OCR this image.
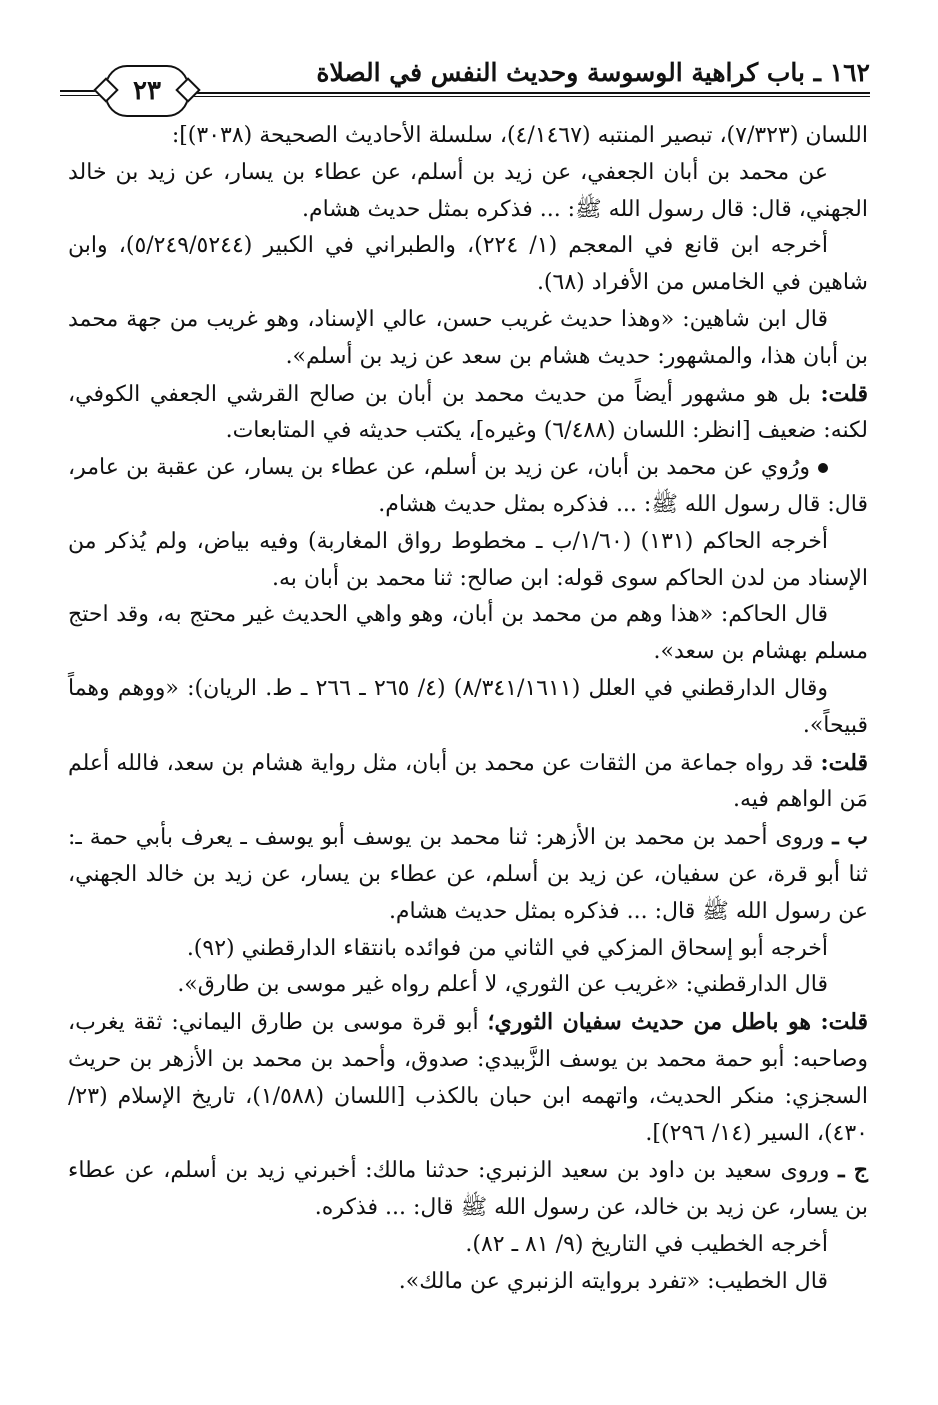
١٦٢ ـ باب كراهية الوسوسة وحديث النفس في الصلاة
٢٣

اللسان (٧/٣٢٣)، تبصير المنتبه (٤/١٤٦٧)، سلسلة الأحاديث الصحيحة (٣٠٣٨)]:

عن محمد بن أبان الجعفي، عن زيد بن أسلم، عن عطاء بن يسار، عن زيد بن خالد الجهني، قال: قال رسول الله ﷺ: ... فذكره بمثل حديث هشام.

أخرجه ابن قانع في المعجم (١/ ٢٢٤)، والطبراني في الكبير (٥/٢٤٩/٥٢٤٤)، وابن شاهين في الخامس من الأفراد (٦٨).

قال ابن شاهين: «وهذا حديث غريب حسن، عالي الإسناد، وهو غريب من جهة محمد بن أبان هذا، والمشهور: حديث هشام بن سعد عن زيد بن أسلم».

قلت: بل هو مشهور أيضاً من حديث محمد بن أبان بن صالح القرشي الجعفي الكوفي، لكنه: ضعيف [انظر: اللسان (٦/٤٨٨) وغيره]، يكتب حديثه في المتابعات.

ورُوي عن محمد بن أبان، عن زيد بن أسلم، عن عطاء بن يسار، عن عقبة بن عامر، قال: قال رسول الله ﷺ: ... فذكره بمثل حديث هشام.

أخرجه الحاكم (١٣١) (١/٦٠/ب ـ مخطوط رواق المغاربة) وفيه بياض، ولم يُذكر من الإسناد من لدن الحاكم سوى قوله: ابن صالح: ثنا محمد بن أبان به.

قال الحاكم: «هذا وهم من محمد بن أبان، وهو واهي الحديث غير محتج به، وقد احتج مسلم بهشام بن سعد».

وقال الدارقطني في العلل (٨/٣٤١/١٦١١) (٤/ ٢٦٥ ـ ٢٦٦ ـ ط. الريان): «ووهم وهماً قبيحاً».

قلت: قد رواه جماعة من الثقات عن محمد بن أبان، مثل رواية هشام بن سعد، فالله أعلم مَن الواهم فيه.

ب ـ وروى أحمد بن محمد بن الأزهر: ثنا محمد بن يوسف أبو يوسف ـ يعرف بأبي حمة ـ: ثنا أبو قرة، عن سفيان، عن زيد بن أسلم، عن عطاء بن يسار، عن زيد بن خالد الجهني، عن رسول الله ﷺ قال: ... فذكره بمثل حديث هشام.

أخرجه أبو إسحاق المزكي في الثاني من فوائده بانتقاء الدارقطني (٩٢).

قال الدارقطني: «غريب عن الثوري، لا أعلم رواه غير موسى بن طارق».

قلت: هو باطل من حديث سفيان الثوري؛ أبو قرة موسى بن طارق اليماني: ثقة يغرب، وصاحبه: أبو حمة محمد بن يوسف الزَّبيدي: صدوق، وأحمد بن محمد بن الأزهر بن حريث السجزي: منكر الحديث، واتهمه ابن حبان بالكذب [اللسان (١/٥٨٨)، تاريخ الإسلام (٢٣/ ٤٣٠)، السير (١٤/ ٢٩٦)].

ج ـ وروى سعيد بن داود بن سعيد الزنبري: حدثنا مالك: أخبرني زيد بن أسلم، عن عطاء بن يسار، عن زيد بن خالد، عن رسول الله ﷺ قال: ... فذكره.

أخرجه الخطيب في التاريخ (٩/ ٨١ ـ ٨٢).

قال الخطيب: «تفرد بروايته الزنبري عن مالك».
